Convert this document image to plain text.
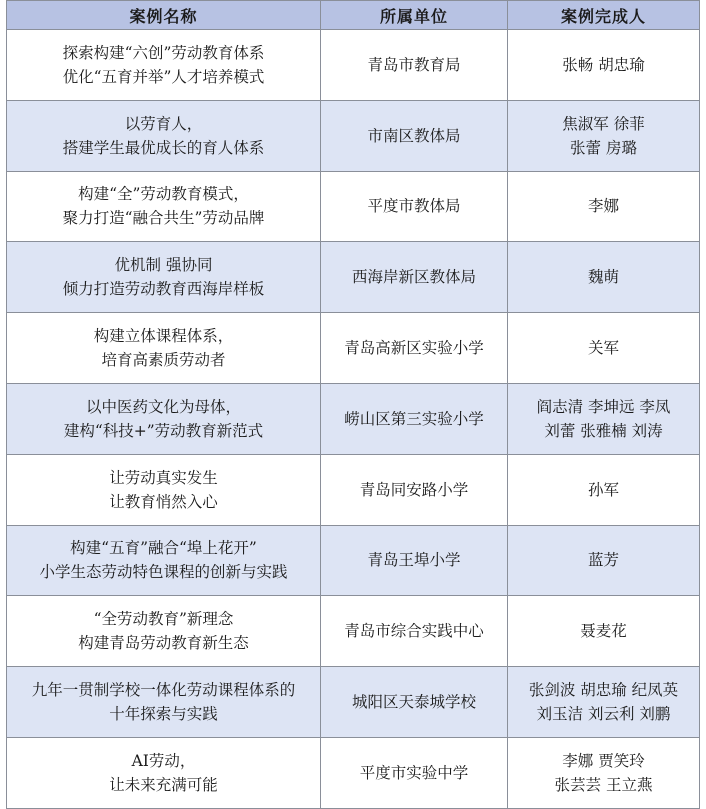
案例名称	所属单位	案例完成人

探索构建“六创”劳动教育体系
优化“五育并举”人才培养模式	青岛市教育局	张畅 胡忠瑜

以劳育人，
搭建学生最优成长的育人体系	市南区教体局	焦淑军 徐菲
张蕾 房璐

构建“全”劳动教育模式，
聚力打造“融合共生”劳动品牌	平度市教体局	李娜

优机制 强协同
倾力打造劳动教育西海岸样板	西海岸新区教体局	魏萌

构建立体课程体系，
培育高素质劳动者	青岛高新区实验小学	关军

以中医药文化为母体，
建构“科技+”劳动教育新范式	崂山区第三实验小学	阎志清 李坤远 李凤
刘蕾 张雅楠 刘涛

让劳动真实发生
让教育悄然入心	青岛同安路小学	孙军

构建“五育”融合“埠上花开”
小学生态劳动特色课程的创新与实践	青岛王埠小学	蓝芳

“全劳动教育”新理念
构建青岛劳动教育新生态	青岛市综合实践中心	聂麦花

九年一贯制学校一体化劳动课程体系的
十年探索与实践	城阳区天泰城学校	张剑波 胡忠瑜 纪凤英
刘玉洁 刘云利 刘鹏

AI劳动，
让未来充满可能	平度市实验中学	李娜 贾笑玲
张芸芸 王立燕
